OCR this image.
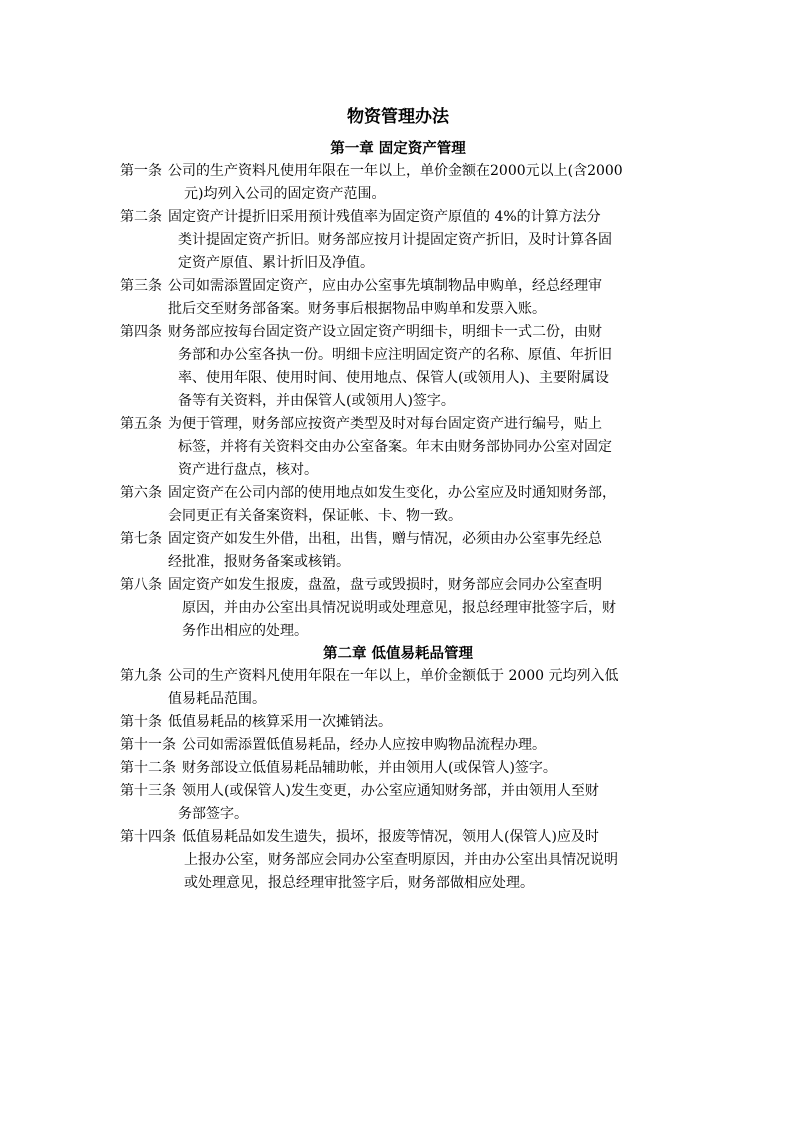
物资管理办法
第一章 固定资产管理
第一条 公司的生产资料凡使用年限在一年以上，单价金额在2000元以上(含2000
元)均列入公司的固定资产范围。
第二条 固定资产计提折旧采用预计残值率为固定资产原值的 4%的计算方法分
类计提固定资产折旧。财务部应按月计提固定资产折旧，及时计算各固
定资产原值、累计折旧及净值。
第三条 公司如需添置固定资产，应由办公室事先填制物品申购单，经总经理审
批后交至财务部备案。财务事后根据物品申购单和发票入账。
第四条 财务部应按每台固定资产设立固定资产明细卡，明细卡一式二份，由财
务部和办公室各执一份。明细卡应注明固定资产的名称、原值、年折旧
率、使用年限、使用时间、使用地点、保管人(或领用人)、主要附属设
备等有关资料，并由保管人(或领用人)签字。
第五条 为便于管理，财务部应按资产类型及时对每台固定资产进行编号，贴上
标签，并将有关资料交由办公室备案。年末由财务部协同办公室对固定
资产进行盘点，核对。
第六条 固定资产在公司内部的使用地点如发生变化，办公室应及时通知财务部，
会同更正有关备案资料，保证帐、卡、物一致。
第七条 固定资产如发生外借，出租，出售，赠与情况，必须由办公室事先经总
经批准，报财务备案或核销。
第八条 固定资产如发生报废，盘盈，盘亏或毁损时，财务部应会同办公室查明
原因，并由办公室出具情况说明或处理意见，报总经理审批签字后，财
务作出相应的处理。
第二章 低值易耗品管理
第九条 公司的生产资料凡使用年限在一年以上，单价金额低于 2000 元均列入低
值易耗品范围。
第十条 低值易耗品的核算采用一次摊销法。
第十一条 公司如需添置低值易耗品，经办人应按申购物品流程办理。
第十二条 财务部设立低值易耗品辅助帐，并由领用人(或保管人)签字。
第十三条 领用人(或保管人)发生变更，办公室应通知财务部，并由领用人至财
务部签字。
第十四条 低值易耗品如发生遗失，损坏，报废等情况，领用人(保管人)应及时
上报办公室，财务部应会同办公室查明原因，并由办公室出具情况说明
或处理意见，报总经理审批签字后，财务部做相应处理。
